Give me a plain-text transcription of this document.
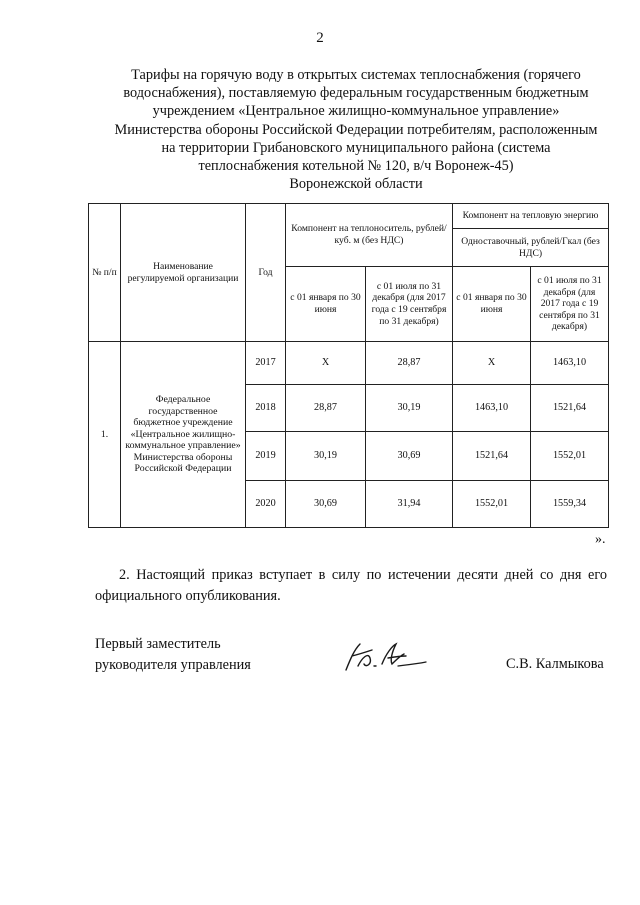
2
Тарифы на горячую воду в открытых системах теплоснабжения (горячего
водоснабжения), поставляемую федеральным государственным бюджетным
учреждением «Центральное жилищно-коммунальное управление»
Министерства обороны Российской Федерации потребителям, расположенным
на территории Грибановского муниципального района (система
теплоснабжения котельной № 120, в/ч Воронеж-45)
Воронежской области
№ п/п	Наименование регулируемой организации	Год	Компонент на теплоноситель, рублей/куб. м (без НДС)		Компонент на тепловую энергию	
					Одноставочный, рублей/Гкал (без НДС)	
			с 01 января по 30 июня	с 01 июля по 31 декабря (для 2017 года с 19 сентября по 31 декабря)	с 01 января по 30 июня	с 01 июля по 31 декабря (для 2017 года с 19 сентября по 31 декабря)
1.	Федеральное государственное бюджетное учреждение «Центральное жилищно-коммунальное управление» Министерства обороны Российской Федерации	2017	Х	28,87	Х	1463,10
		2018	28,87	30,19	1463,10	1521,64
		2019	30,19	30,69	1521,64	1552,01
		2020	30,69	31,94	1552,01	1559,34
».
2. Настоящий приказ вступает в силу по истечении десяти дней со дня его официального опубликования.
Первый заместитель
руководителя управления	С.В. Калмыкова
